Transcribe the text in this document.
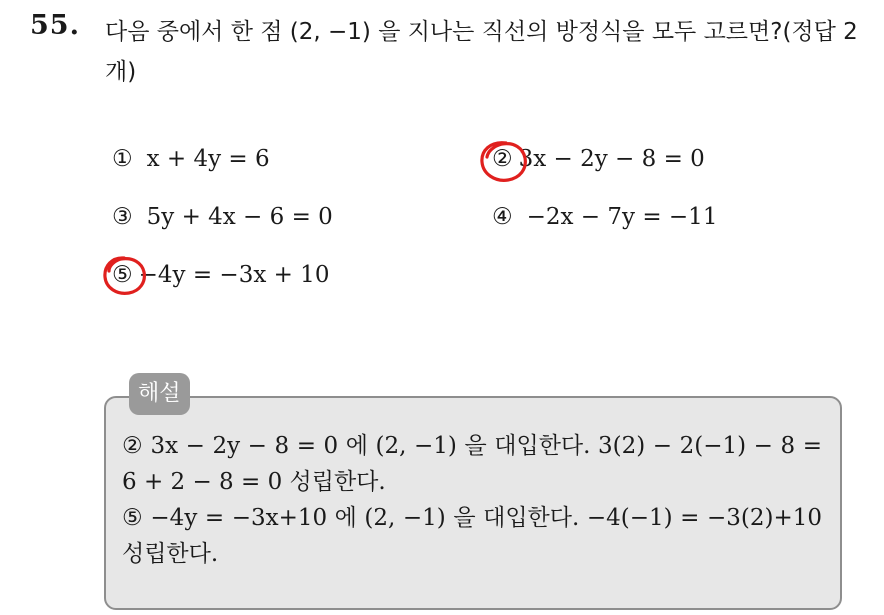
55. 다음 중에서 한 점 (2, −1) 을 지나는 직선의 방정식을 모두 고르면?(정답 2개)
① x + 4y = 6	② 3x − 2y − 8 = 0
③ 5y + 4x − 6 = 0	④ −2x − 7y = −11
⑤ −4y = −3x + 10
해설
② 3x − 2y − 8 = 0 에 (2, −1) 을 대입한다. 3(2) − 2(−1) − 8 = 6 + 2 − 8 = 0 성립한다.
⑤ −4y = −3x+10 에 (2, −1) 을 대입한다. −4(−1) = −3(2)+10 성립한다.
